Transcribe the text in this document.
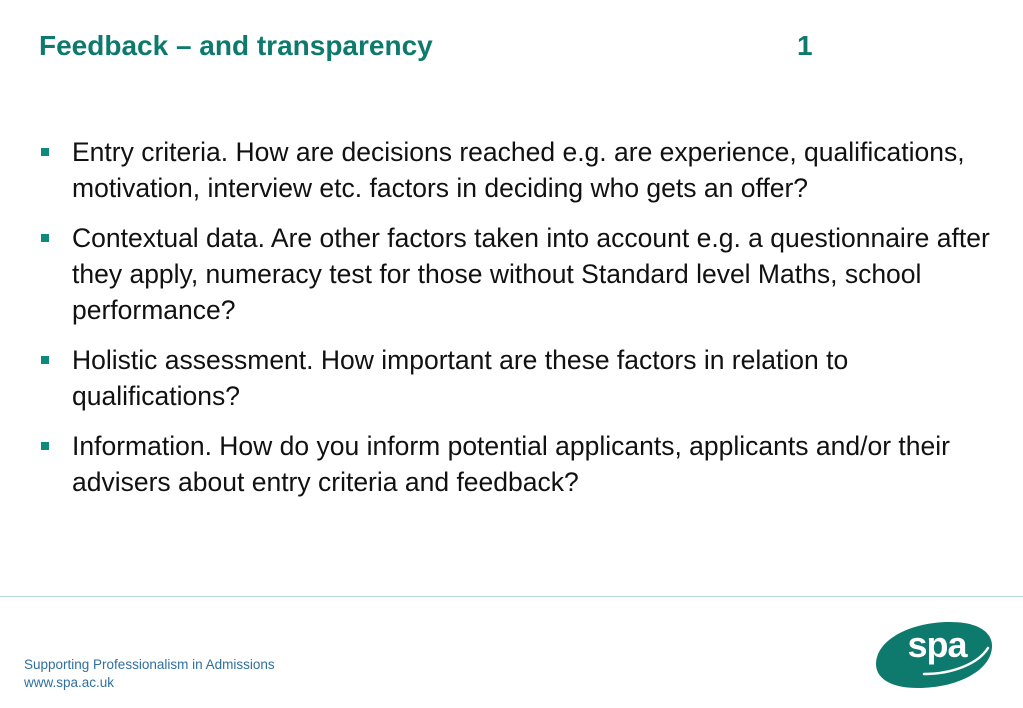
Feedback – and transparency	1
Entry criteria. How are decisions reached e.g. are experience, qualifications, motivation, interview etc. factors in deciding who gets an offer?
Contextual data. Are other factors taken into account e.g. a questionnaire after they apply, numeracy test for those without Standard level Maths, school performance?
Holistic assessment. How important are these factors in relation to qualifications?
Information. How do you inform potential applicants, applicants and/or their advisers about entry criteria and feedback?
Supporting Professionalism in Admissions
www.spa.ac.uk
spa
